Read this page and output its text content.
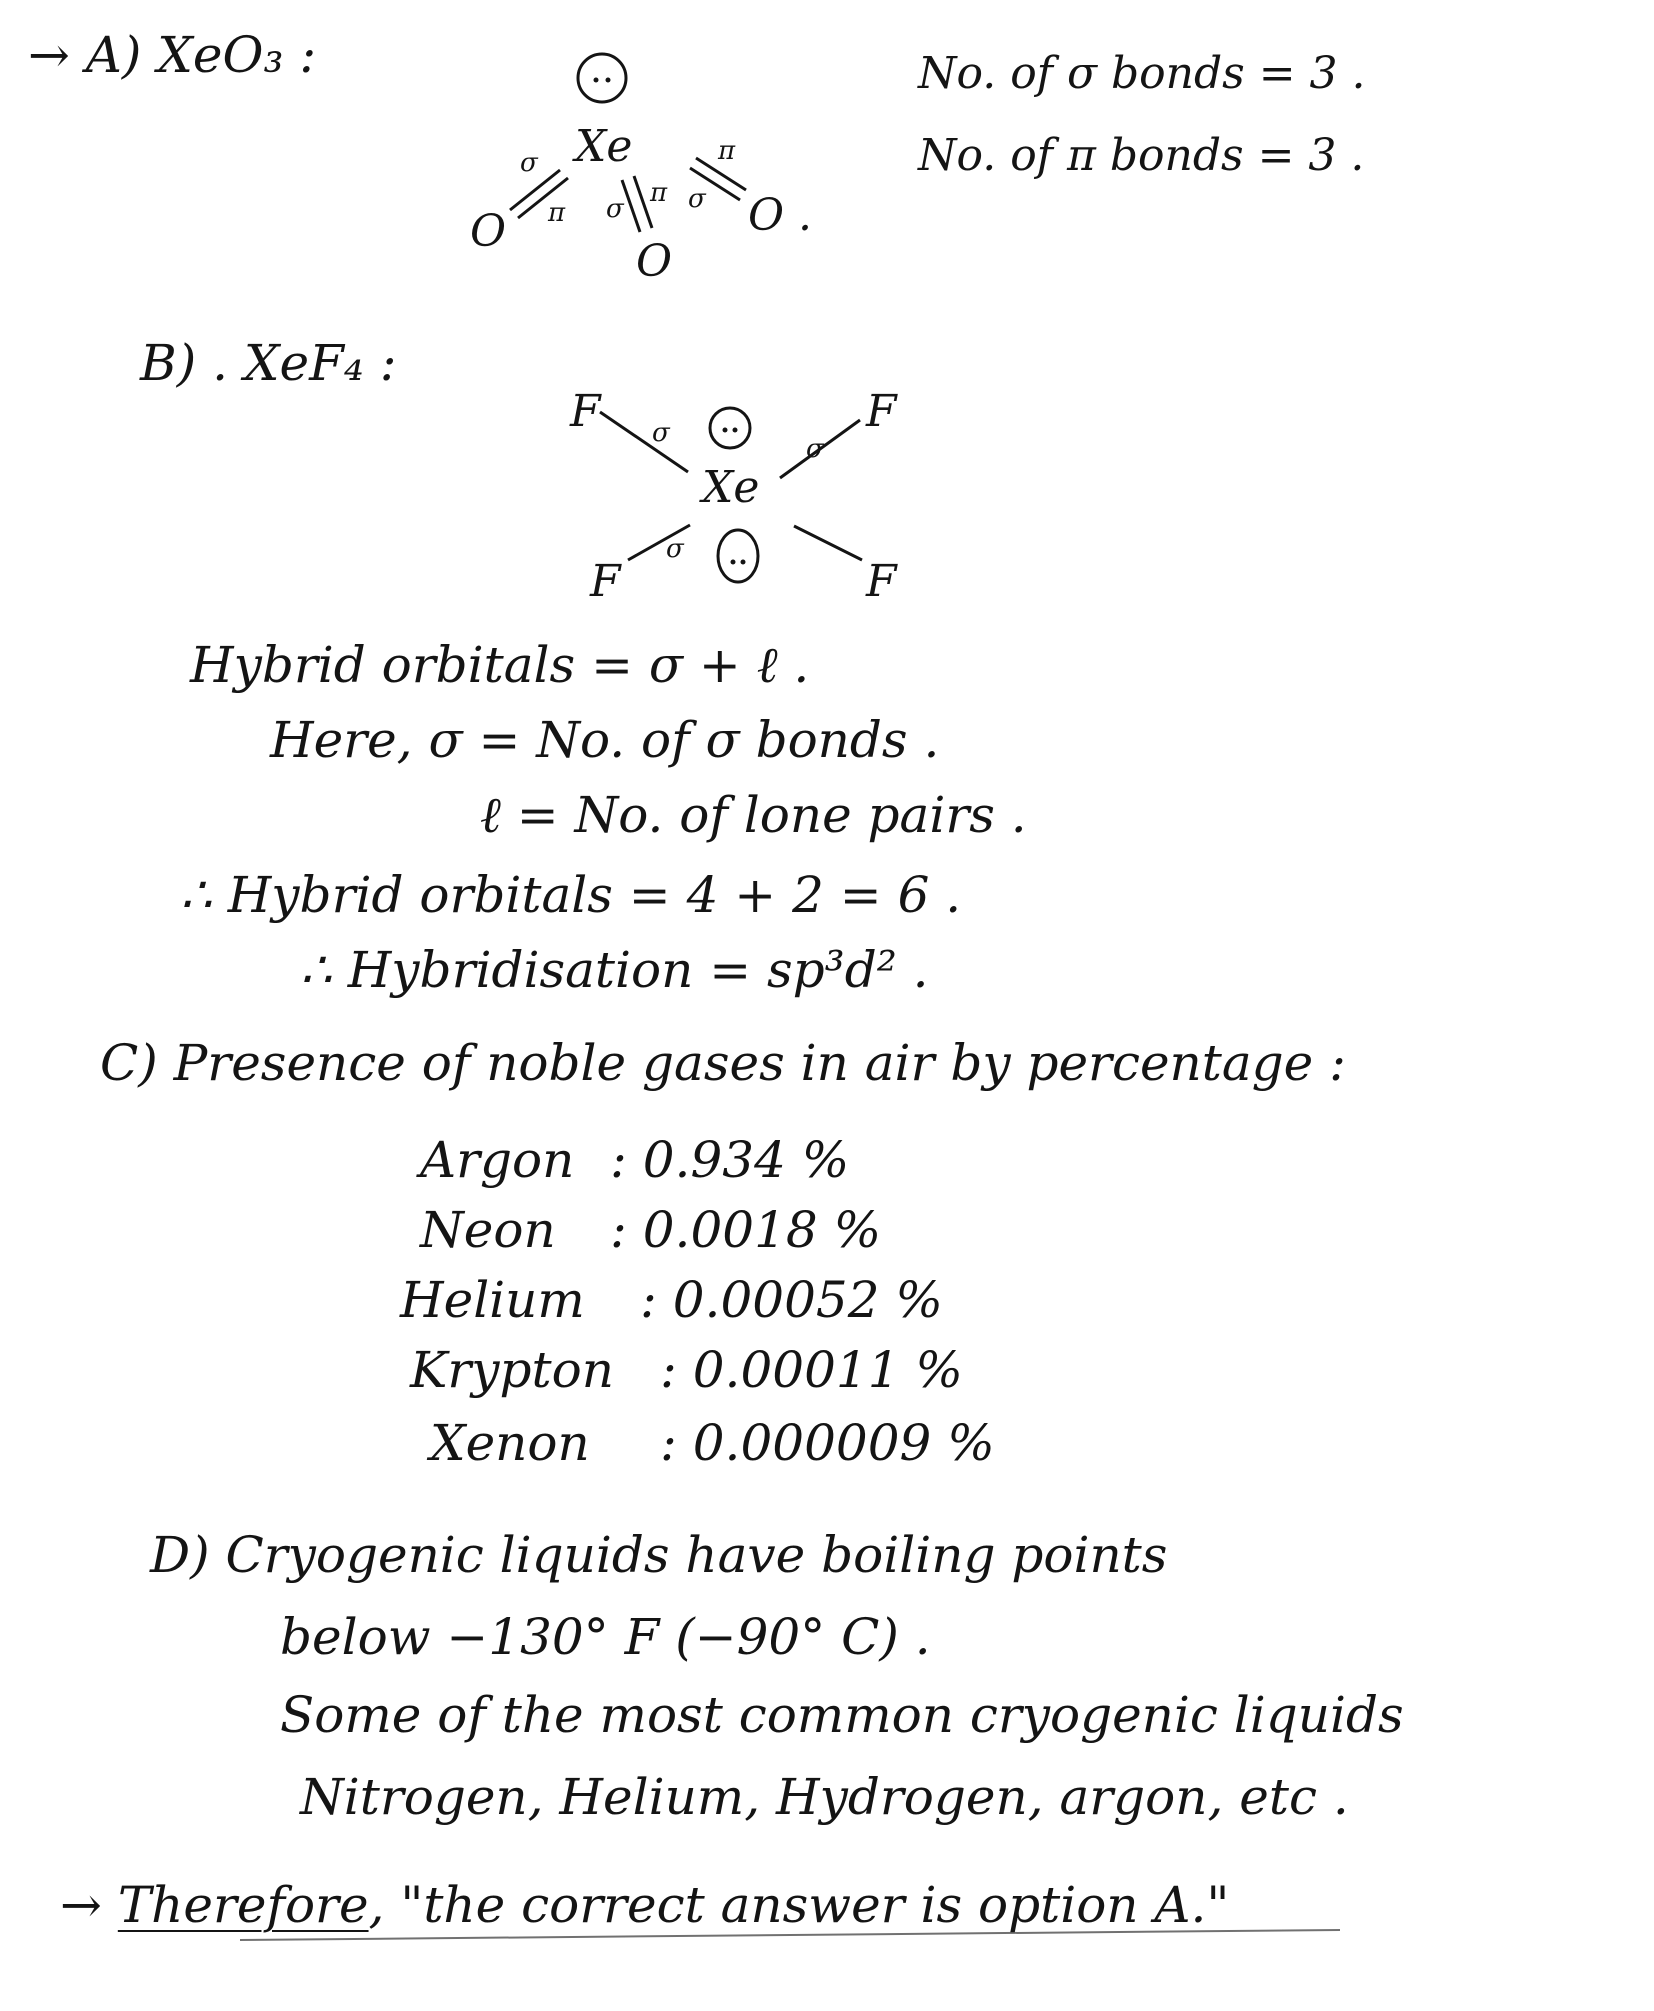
→ A) XeO₃ :
Xe
O	O .
O
σ
π σ
π σ
π
No. of σ bonds = 3 .
No. of π bonds = 3 .
B) . XeF₄ :
F	F
Xe
F	F
σ
σ
σ
Hybrid orbitals = σ + ℓ .
Here, σ = No. of σ bonds .
ℓ = No. of lone pairs .
∴ Hybrid orbitals = 4 + 2 = 6 .
∴ Hybridisation = sp³d² .
C) Presence of noble gases in air by percentage :
Argon : 0.934 %
Neon : 0.0018 %
Helium : 0.00052 %
Krypton : 0.00011 %
Xenon : 0.000009 %
D) Cryogenic liquids have boiling points
below −130° F (−90° C) .
Some of the most common cryogenic liquids
Nitrogen, Helium, Hydrogen, argon, etc .
→ Therefore, "the correct answer is option A."
